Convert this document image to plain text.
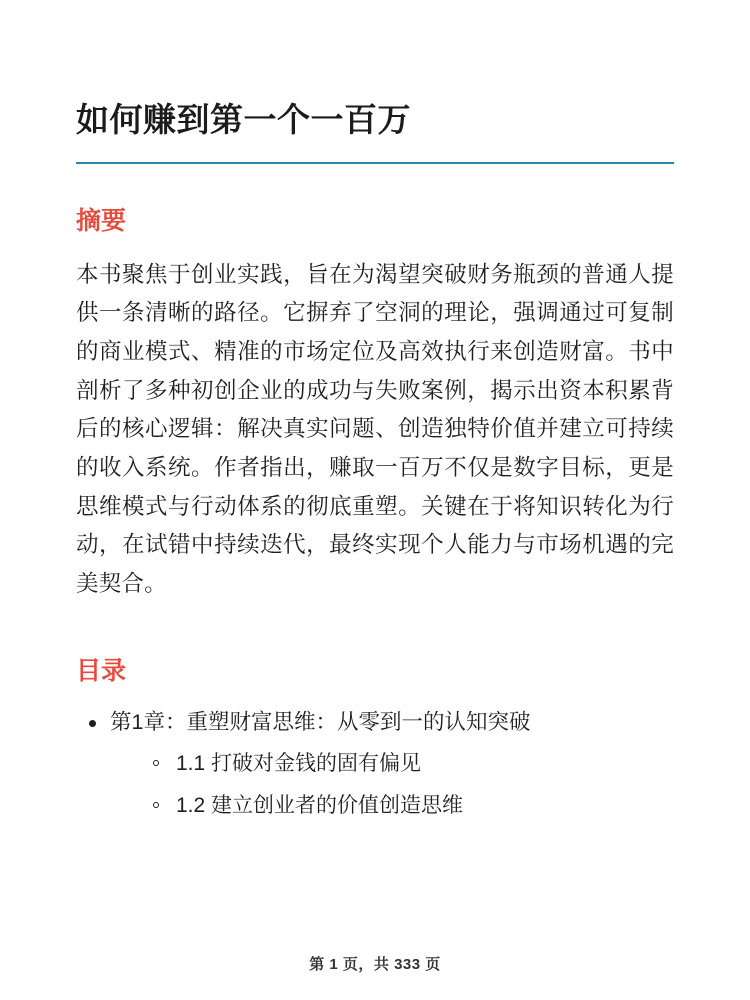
如何赚到第一个一百万
摘要

本书聚焦于创业实践，旨在为渴望突破财务瓶颈的普通人提供一条清晰的路径。它摒弃了空洞的理论，强调通过可复制的商业模式、精准的市场定位及高效执行来创造财富。书中剖析了多种初创企业的成功与失败案例，揭示出资本积累背后的核心逻辑：解决真实问题、创造独特价值并建立可持续的收入系统。作者指出，赚取一百万不仅是数字目标，更是思维模式与行动体系的彻底重塑。关键在于将知识转化为行动，在试错中持续迭代，最终实现个人能力与市场机遇的完美契合。

目录
第1章：重塑财富思维：从零到一的认知突破
1.1 打破对金钱的固有偏见
1.2 建立创业者的价值创造思维
第 1 页，共 333 页
